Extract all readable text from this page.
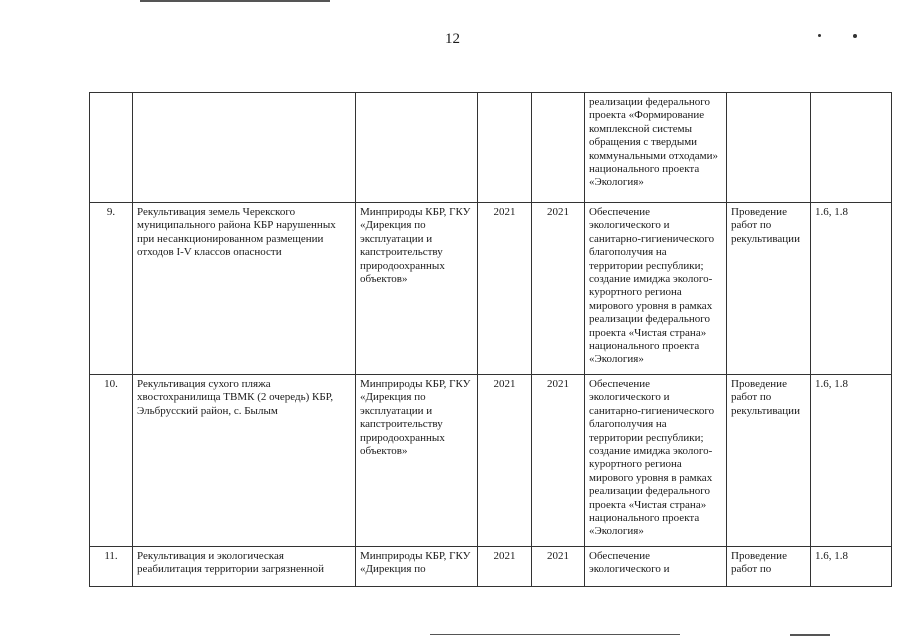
12
					реализации федерального проекта «Формирование комплексной системы обращения с твердыми коммунальными отходами» национального проекта «Экология»		
9.	Рекультивация земель Черекского муниципального района КБР нарушенных при несанкционированном размещении отходов I-V классов опасности	Минприроды КБР, ГКУ «Дирекция по эксплуатации и капстроительству природоохранных объектов»	2021	2021	Обеспечение экологического и санитарно-гигиенического благополучия на территории республики; создание имиджа эколого-курортного региона мирового уровня в рамках реализации федерального проекта «Чистая страна» национального проекта «Экология»	Проведение работ по рекультивации	1.6, 1.8
10.	Рекультивация сухого пляжа хвостохранилища ТВМК (2 очередь) КБР, Эльбрусский район, с. Былым	Минприроды КБР, ГКУ «Дирекция по эксплуатации и капстроительству природоохранных объектов»	2021	2021	Обеспечение экологического и санитарно-гигиенического благополучия на территории республики; создание имиджа эколого-курортного региона мирового уровня в рамках реализации федерального проекта «Чистая страна» национального проекта «Экология»	Проведение работ по рекультивации	1.6, 1.8
11.	Рекультивация и экологическая реабилитация территории загрязненной	Минприроды КБР, ГКУ «Дирекция по	2021	2021	Обеспечение экологического и	Проведение работ по	1.6, 1.8
